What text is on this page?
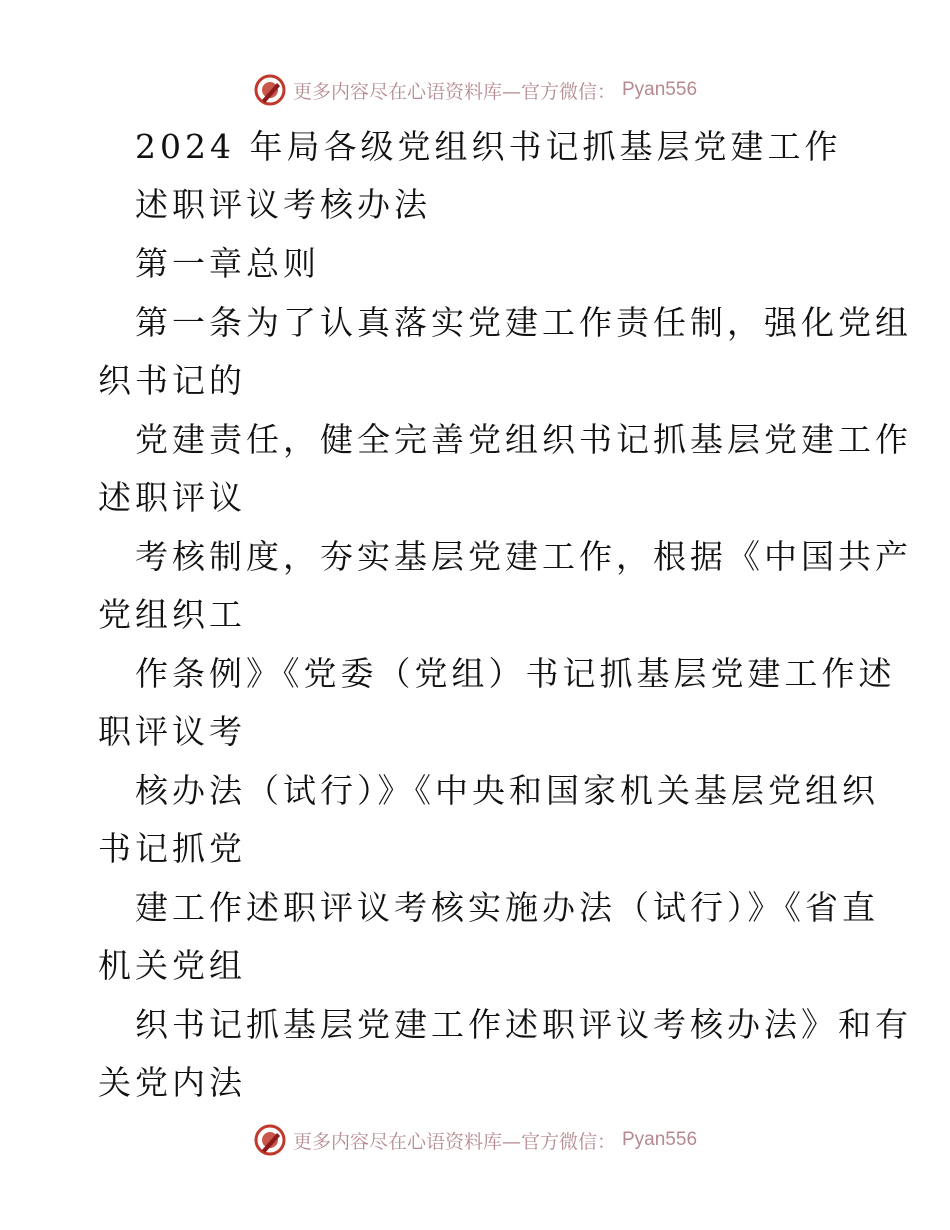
更多内容尽在心语资料库—官方微信： Pyan556
2024 年局各级党组织书记抓基层党建工作
述职评议考核办法
第一章总则
第一条为了认真落实党建工作责任制，强化党组
织书记的
党建责任，健全完善党组织书记抓基层党建工作
述职评议
考核制度，夯实基层党建工作，根据《中国共产
党组织工
作条例》《党委（党组）书记抓基层党建工作述
职评议考
核办法（试行）》《中央和国家机关基层党组织
书记抓党
建工作述职评议考核实施办法（试行）》《省直
机关党组
织书记抓基层党建工作述职评议考核办法》和有
关党内法
更多内容尽在心语资料库—官方微信： Pyan556
